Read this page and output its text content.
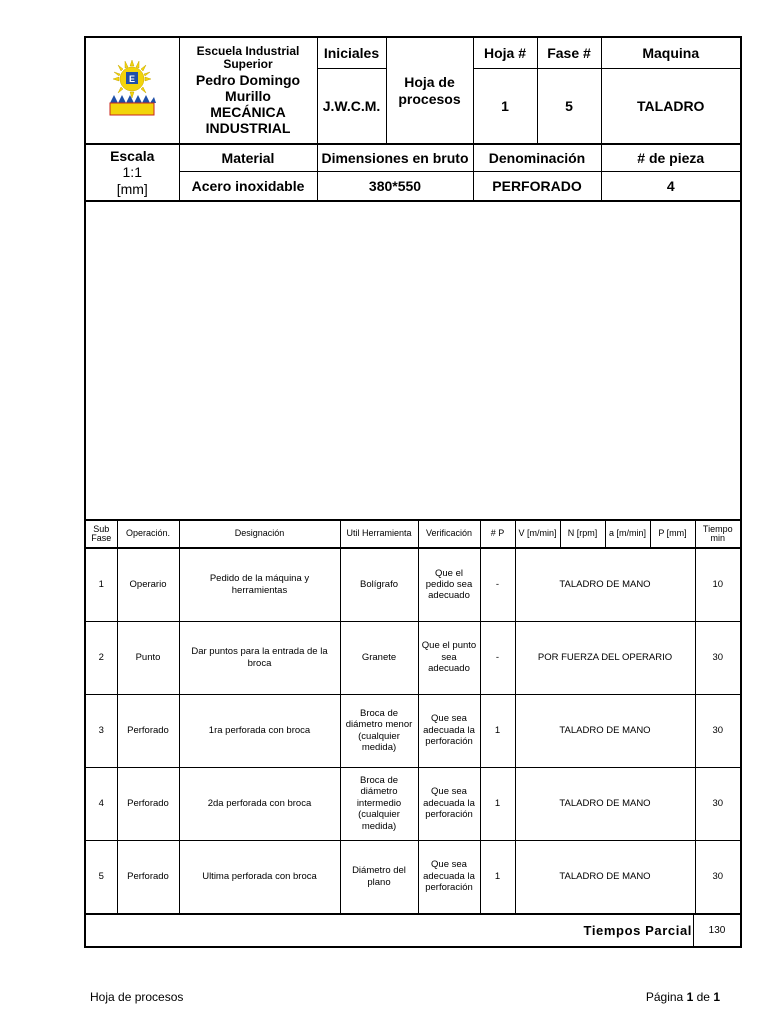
E	Escuela Industrial Superior
Pedro Domingo Murillo
MECÁNICA INDUSTRIAL	Iniciales	Hoja de procesos	Hoja #	Fase #	Maquina
		J.W.C.M.		1	5	TALADRO

Escala
1:1
[mm]	Material	Dimensiones en bruto		Denominación		# de pieza
	Acero inoxidable	380*550		PERFORADO		4
Sub Fase	Operación.	Designación	Util Herramienta	Verificación	# P	V [m/min]	N [rpm]	a [m/min]	P [mm]	Tiempo min
1	Operario	Pedido de la máquina y herramientas	Bolígrafo	Que el pedido sea adecuado	-	TALADRO DE MANO				10
2	Punto	Dar puntos para la entrada de la broca	Granete	Que el punto sea adecuado	-	POR FUERZA DEL OPERARIO				30
3	Perforado	1ra perforada con broca	Broca de diámetro menor (cualquier medida)	Que sea adecuada la perforación	1	TALADRO DE MANO				30
4	Perforado	2da perforada con broca	Broca de diámetro intermedio (cualquier medida)	Que sea adecuada la perforación	1	TALADRO DE MANO				30
5	Perforado	Ultima perforada con broca	Diámetro del plano	Que sea adecuada la perforación	1	TALADRO DE MANO				30
Tiempos Parcial	130
Hoja de procesos	Página 1 de 1
